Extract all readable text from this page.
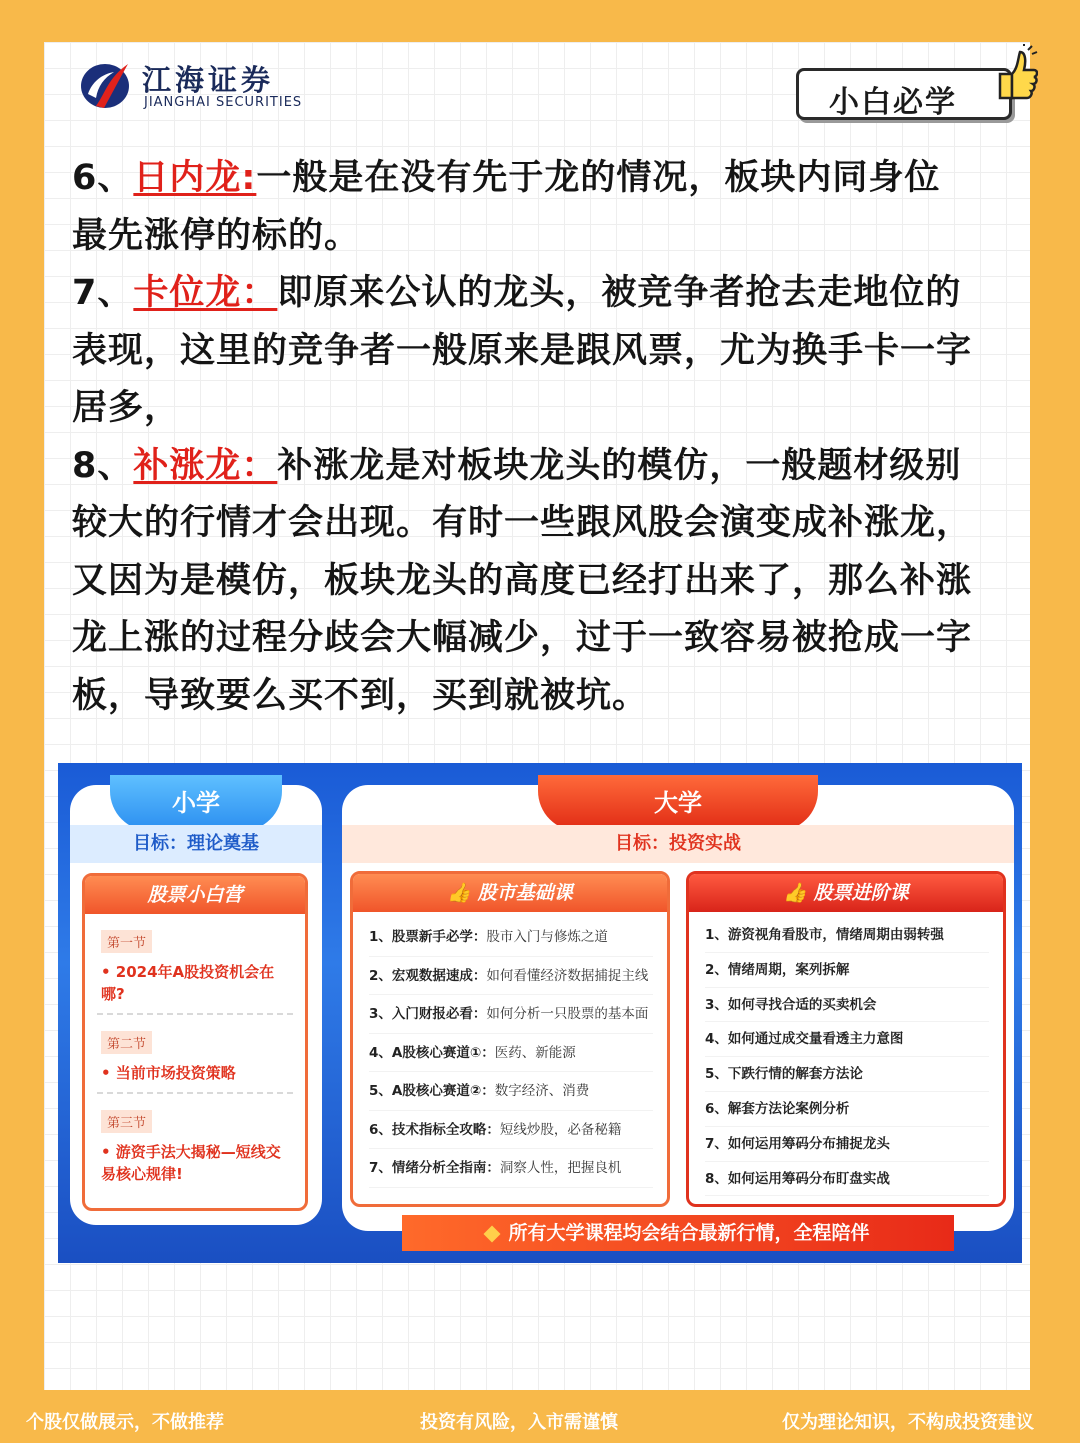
江海证券
JIANGHAI SECURITIES	小白必学
6、日内龙:一般是在没有先于龙的情况，板块内同身位
最先涨停的标的。
7、卡位龙：即原来公认的龙头，被竞争者抢去走地位的
表现，这里的竞争者一般原来是跟风票，尤为换手卡一字
居多，
8、补涨龙：补涨龙是对板块龙头的模仿，一般题材级别
较大的行情才会出现。有时一些跟风股会演变成补涨龙，
又因为是模仿，板块龙头的高度已经打出来了，那么补涨
龙上涨的过程分歧会大幅减少，过于一致容易被抢成一字
板，导致要么买不到，买到就被坑。
小学
目标：理论奠基
股票小白营
第一节
• 2024年A股投资机会在哪?
第二节
• 当前市场投资策略
第三节
• 游资手法大揭秘—短线交易核心规律!
大学
目标：投资实战
👍 股市基础课
1、股票新手必学：股市入门与修炼之道
2、宏观数据速成：如何看懂经济数据捕捉主线
3、入门财报必看：如何分析一只股票的基本面
4、A股核心赛道①：医药、新能源
5、A股核心赛道②：数字经济、消费
6、技术指标全攻略：短线炒股，必备秘籍
7、情绪分析全指南：洞察人性，把握良机
👍 股票进阶课
1、游资视角看股市，情绪周期由弱转强
2、情绪周期，案列拆解
3、如何寻找合适的买卖机会
4、如何通过成交量看透主力意图
5、下跌行情的解套方法论
6、解套方法论案例分析
7、如何运用筹码分布捕捉龙头
8、如何运用筹码分布盯盘实战
所有大学课程均会结合最新行情，全程陪伴
个股仅做展示，不做推荐	投资有风险，入市需谨慎	仅为理论知识，不构成投资建议
